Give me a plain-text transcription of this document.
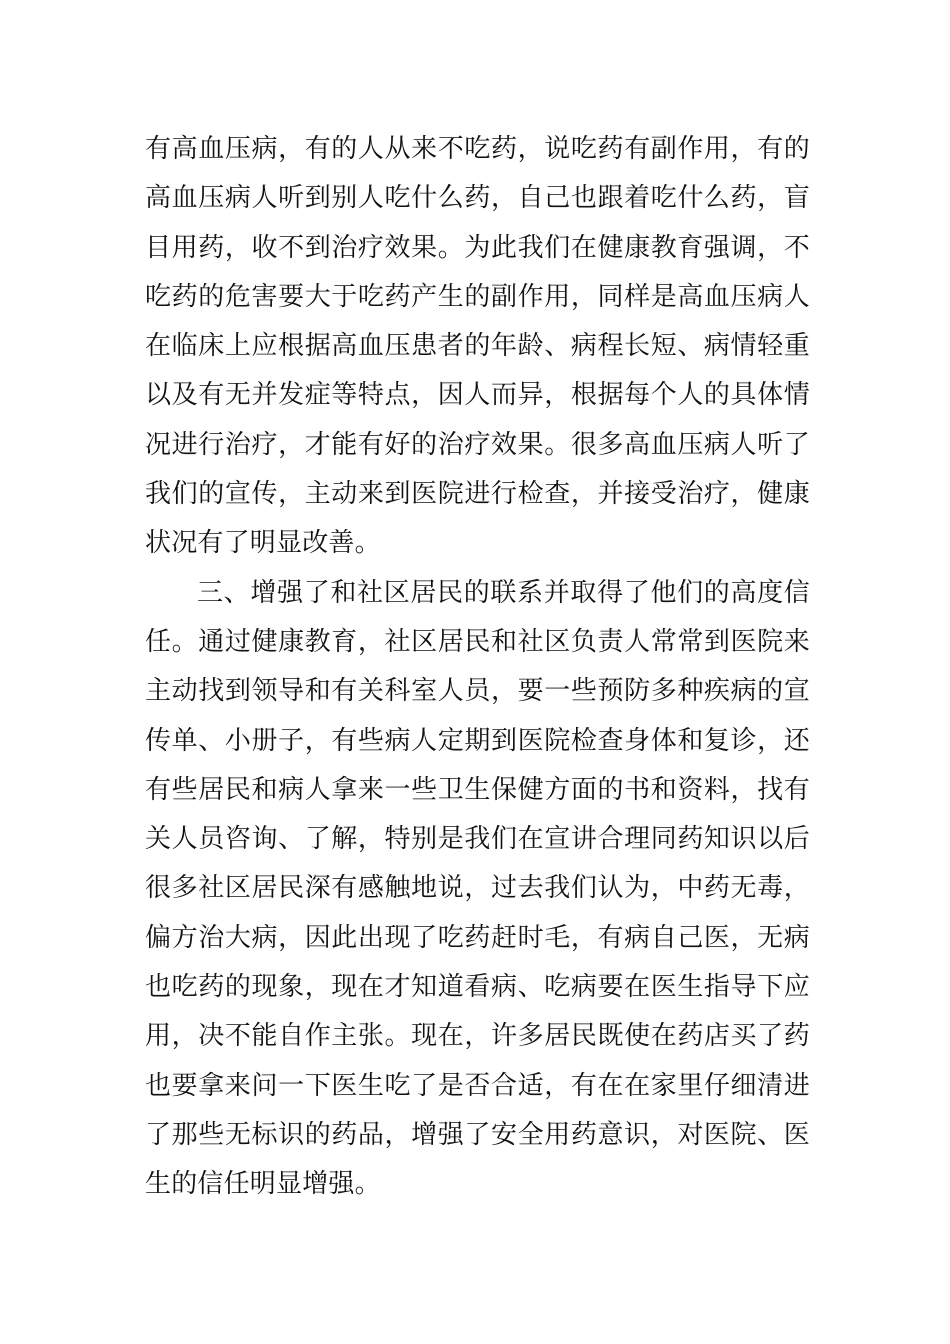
有高血压病，有的人从来不吃药，说吃药有副作用，有的
高血压病人听到别人吃什么药，自己也跟着吃什么药，盲
目用药，收不到治疗效果。为此我们在健康教育强调，不
吃药的危害要大于吃药产生的副作用，同样是高血压病人
在临床上应根据高血压患者的年龄、病程长短、病情轻重
以及有无并发症等特点，因人而异，根据每个人的具体情
况进行治疗，才能有好的治疗效果。很多高血压病人听了
我们的宣传，主动来到医院进行检查，并接受治疗，健康
状况有了明显改善。
三、增强了和社区居民的联系并取得了他们的高度信
任。通过健康教育，社区居民和社区负责人常常到医院来
主动找到领导和有关科室人员，要一些预防多种疾病的宣
传单、小册子，有些病人定期到医院检查身体和复诊，还
有些居民和病人拿来一些卫生保健方面的书和资料，找有
关人员咨询、了解，特别是我们在宣讲合理同药知识以后
很多社区居民深有感触地说，过去我们认为，中药无毒，
偏方治大病，因此出现了吃药赶时毛，有病自己医，无病
也吃药的现象，现在才知道看病、吃病要在医生指导下应
用，决不能自作主张。现在，许多居民既使在药店买了药
也要拿来问一下医生吃了是否合适，有在在家里仔细清进
了那些无标识的药品，增强了安全用药意识，对医院、医
生的信任明显增强。
